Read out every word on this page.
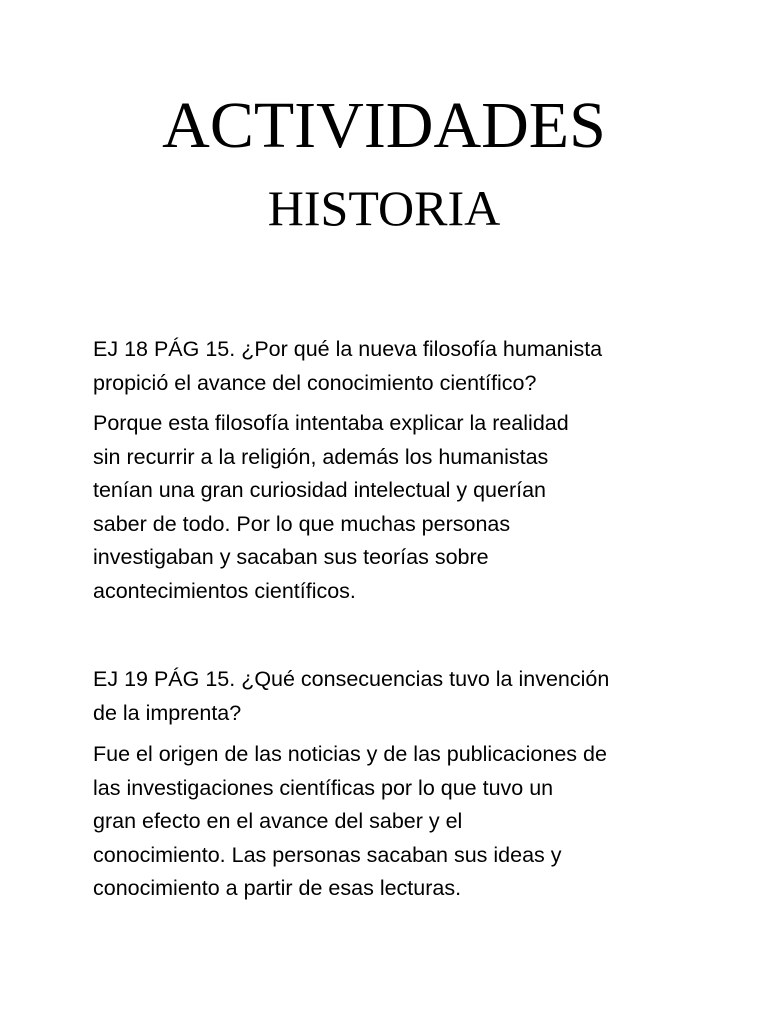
ACTIVIDADES
HISTORIA

EJ 18 PÁG 15. ¿Por qué la nueva filosofía humanista
propició el avance del conocimiento científico?

Porque esta filosofía intentaba explicar la realidad
sin recurrir a la religión, además los humanistas
tenían una gran curiosidad intelectual y querían
saber de todo. Por lo que muchas personas
investigaban y sacaban sus teorías sobre
acontecimientos científicos.

EJ 19 PÁG 15. ¿Qué consecuencias tuvo la invención
de la imprenta?

Fue el origen de las noticias y de las publicaciones de
las investigaciones científicas por lo que tuvo un
gran efecto en el avance del saber y el
conocimiento. Las personas sacaban sus ideas y
conocimiento a partir de esas lecturas.
